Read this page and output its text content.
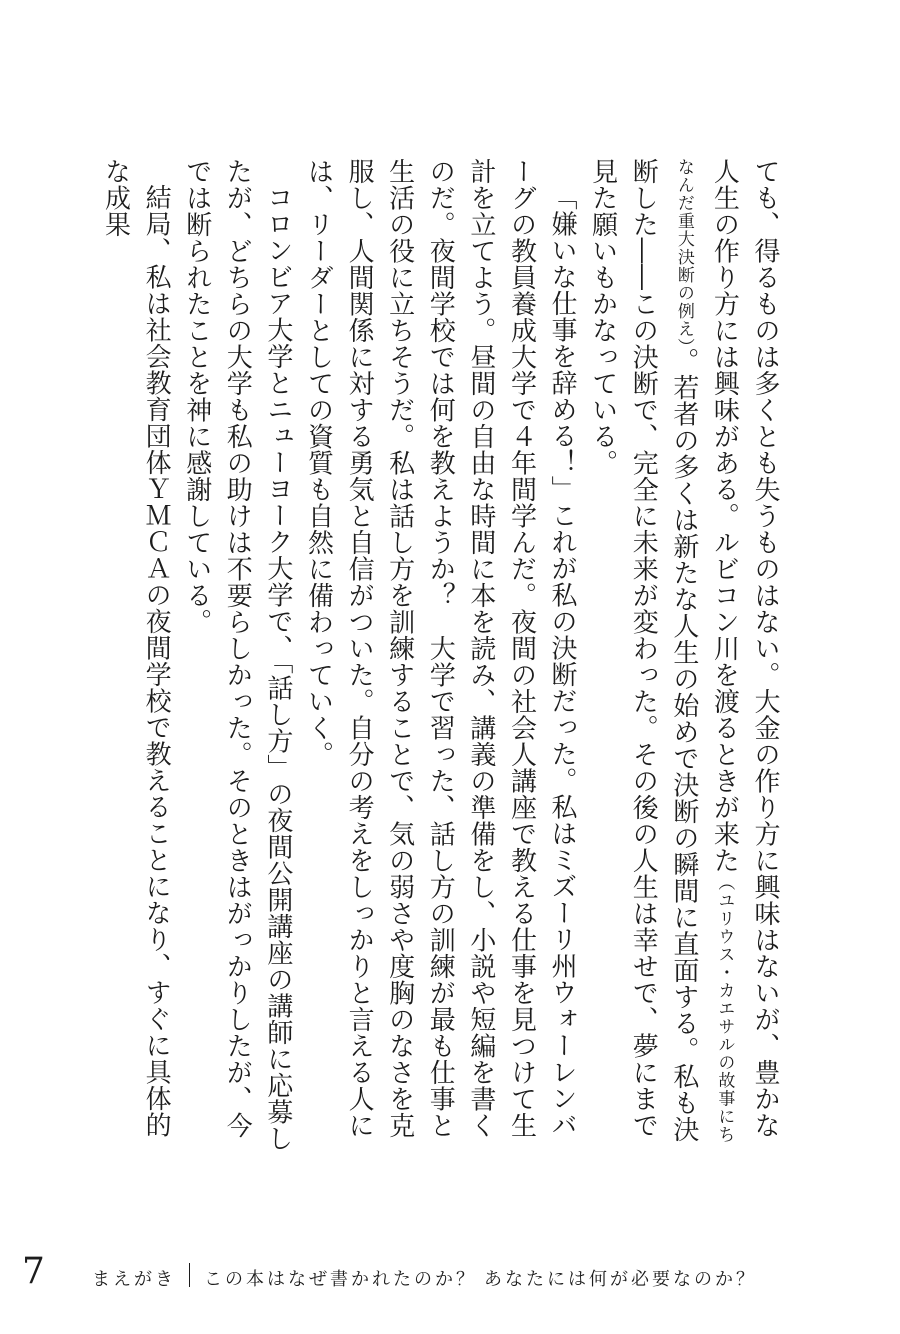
ても、得るものは多くとも失うものはない。大金の作り方に興味はないが、豊かな人生の作り方には興味がある。ルビコン川を渡るときが来た（ユリウス・カエサルの故事にちなんだ重大決断の例え）。若者の多くは新たな人生の始めで決断の瞬間に直面する。私も決断した――この決断で、完全に未来が変わった。その後の人生は幸せで、夢にまで見た願いもかなっている。

「嫌いな仕事を辞める！」これが私の決断だった。私はミズーリ州ウォーレンバーグの教員養成大学で４年間学んだ。夜間の社会人講座で教える仕事を見つけて生計を立てよう。昼間の自由な時間に本を読み、講義の準備をし、小説や短編を書くのだ。夜間学校では何を教えようか？　大学で習った、話し方の訓練が最も仕事と生活の役に立ちそうだ。私は話し方を訓練することで、気の弱さや度胸のなさを克服し、人間関係に対する勇気と自信がついた。自分の考えをしっかりと言える人には、リーダーとしての資質も自然に備わっていく。

コロンビア大学とニューヨーク大学で、「話し方」の夜間公開講座の講師に応募したが、どちらの大学も私の助けは不要らしかった。そのときはがっかりしたが、今では断られたことを神に感謝している。

結局、私は社会教育団体ＹＭＣＡの夜間学校で教えることになり、すぐに具体的な成果

7	まえがき この本はなぜ書かれたのか？ あなたには何が必要なのか？
